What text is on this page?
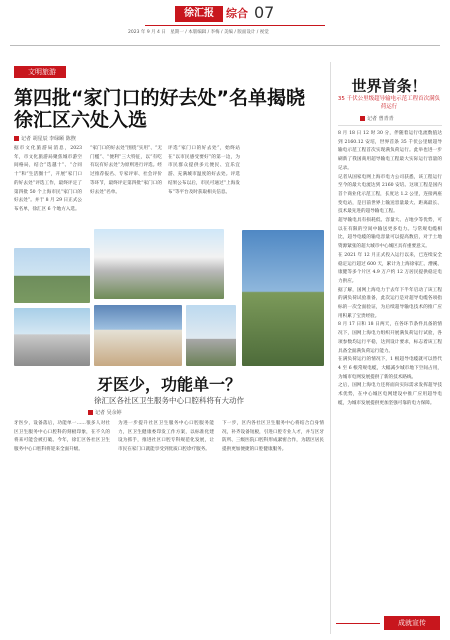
徐汇报	综合 07
2023 年 9 月 4 日　星期一 / 本版编辑 / 李梅 / 美编 / 版面设计 / 视觉
文明旅游
第四批“家门口的好去处”名单揭晓 徐汇区六处入选
记者 胡星辰 李绿颐 陈煦
据市文化旅游局消息，2023 年，市文化旅游局聚焦城市游空间格局，结合“选越十”、“合同十”和“生活圈十”，开展“家门口的好去处”评选工作，最终评定了第四批 50 个上海市民“家门口的好去处”。并于 8 月 29 日正式公布名单，徐汇区 6 个地方入选。
“家门口的好去处”围绕“实用”、“无门槛”、“便利”三大特征，以“有吃有玩有好去处”为原则进行评选。经过推荐报名、专家评审、社会评价等环节，最终评定第四批“家门口的好去处”名单。
评选“家门口的好去处”，始终站在“以市民感受要好”的第一边，为市民群众提供多元便民、宜乐宜游、充满城市温度的好去处。评选结果公布以后，市民可通过“上海发布”等平台及时获取相关信息。
牙医少，功能单一？
徐汇区各社区卫生服务中心口腔科将有大动作
记者 吴余婷
牙医少，设备落后，功能单一……很多人对社区卫生服务中心口腔科的刻板印象，在不久的将来可能会被打破。今年，徐汇区各社区卫生服务中心口腔科将迎来全面升级。
为进一步提升社区卫生服务中心口腔服务能力，区卫生健康委印发工作方案，以标准化建设为抓手，推进社区口腔专科规范化发展，让市民在家门口就能享受到优质口腔诊疗服务。
下一步，区内各社区卫生服务中心将结合自身情况，补齐设备短板，引进口腔专业人才，并与区牙防所、三级医院口腔科形成紧密合作，为辖区居民提供更加便捷的口腔健康服务。
世界首条！
35 千伏公里级超导输电示范工程首次满负荷运行
记者 曾青青
8 月 18 日 12 时 30 分，伴随着运行电流数值达到 2160.12 安培，世界首条 35 千伏公里级超导输电示范工程首次实现满负荷运行。此举也进一步刷新了我国商用超导输电工程最大实际运行容量的记录。
记者从国家电网上海市电力公司获悉，该工程运行至今的最大电流达到 2160 安培。这项工程是国内首个商业化示范工程，长度达 1.2 公里，连接两座变电站，是目前世界上输送容量最大、距离最长、技术最先进的超导输电工程。
超导输电具有损耗低、容量大、占地少等优势，可以在有限的空间中输送更多电力。与常规电缆相比，超导电缆的输电容量可以提高数倍，对于土地资源紧张的超大城市中心城区具有重要意义。
在 2021 年 12 月正式投入运行以来，已连续安全稳定运行超过 600 天，累计为上海徐家汇、漕溪、康健等多个片区 4.9 万户约 12 万居民提供稳定电力供应。
据了解，国网上海电力于去年下半年启动了该工程的满负荷试验准备，此次运行是对超导电缆各项指标的一次全面验证，为后续超导输电技术的推广应用积累了宝贵经验。
8 月 17 日和 18 日两天，在各环节条件具备的情况下，国网上海电力组织开展满负荷运行试验，各项参数均运行平稳，达到设计要求，标志着该工程具备全面满负荷运行能力。
在满负荷运行的情况下，1 根超导电缆就可以替代 4 至 6 根常规电缆，大幅减少城市地下空间占用，为城市电网发展提供了新的技术路线。
之后，国网上海电力还将面向实际需求发挥超导技术优势，在中心城区电网建设中推广应用超导电缆，为城市发展提供更加坚强可靠的电力保障。
成就宣传
